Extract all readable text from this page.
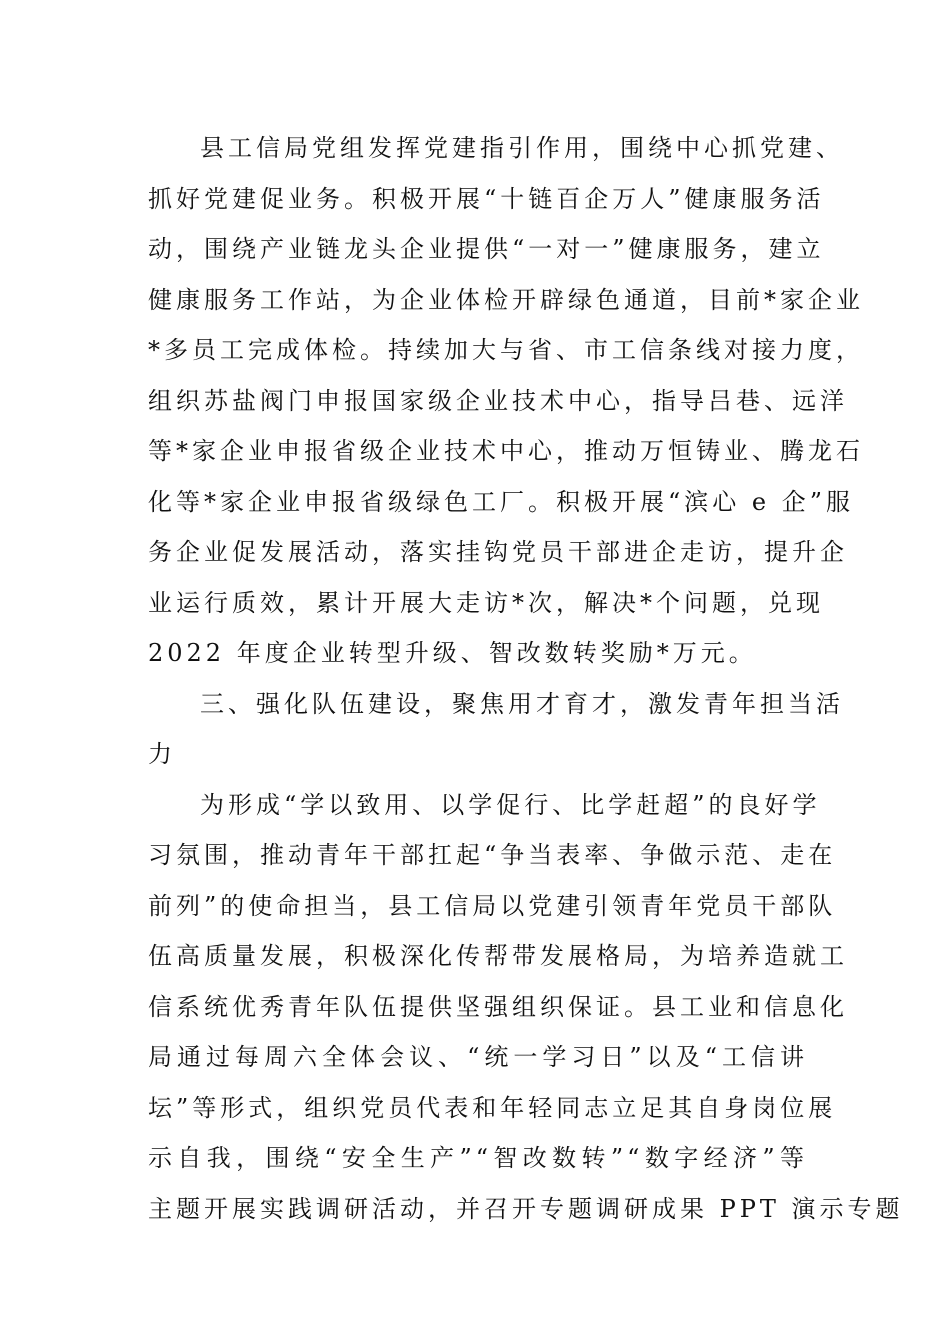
县工信局党组发挥党建指引作用，围绕中心抓党建、
抓好党建促业务。积极开展“十链百企万人”健康服务活
动，围绕产业链龙头企业提供“一对一”健康服务，建立
健康服务工作站，为企业体检开辟绿色通道，目前*家企业
*多员工完成体检。持续加大与省、市工信条线对接力度，
组织苏盐阀门申报国家级企业技术中心，指导吕巷、远洋
等*家企业申报省级企业技术中心，推动万恒铸业、腾龙石
化等*家企业申报省级绿色工厂。积极开展“滨心 e 企”服
务企业促发展活动，落实挂钩党员干部进企走访，提升企
业运行质效，累计开展大走访*次，解决*个问题，兑现
2022 年度企业转型升级、智改数转奖励*万元。
三、强化队伍建设，聚焦用才育才，激发青年担当活
力
为形成“学以致用、以学促行、比学赶超”的良好学
习氛围，推动青年干部扛起“争当表率、争做示范、走在
前列”的使命担当，县工信局以党建引领青年党员干部队
伍高质量发展，积极深化传帮带发展格局，为培养造就工
信系统优秀青年队伍提供坚强组织保证。县工业和信息化
局通过每周六全体会议、“统一学习日”以及“工信讲
坛”等形式，组织党员代表和年轻同志立足其自身岗位展
示自我，围绕“安全生产”“智改数转”“数字经济”等
主题开展实践调研活动，并召开专题调研成果 PPT 演示专题
